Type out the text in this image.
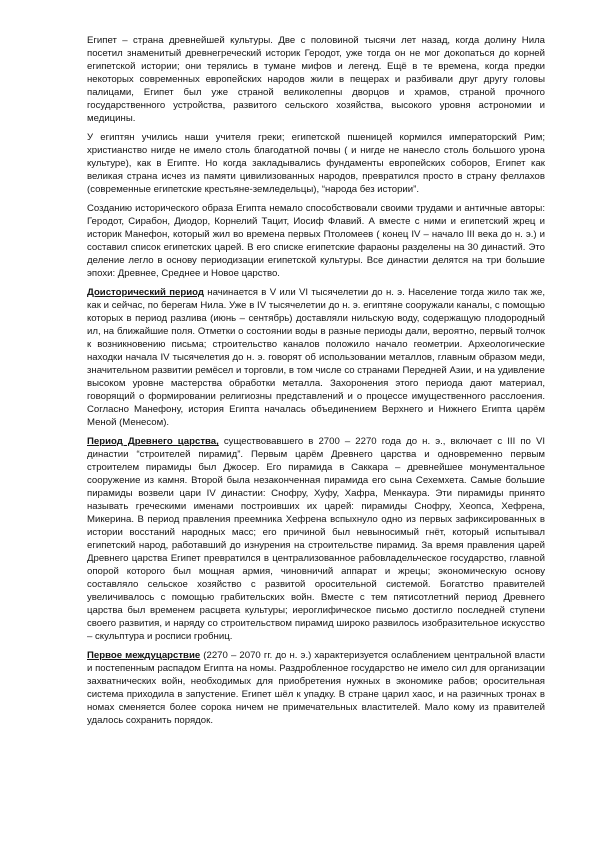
Египет – страна древнейшей культуры. Две с половиной тысячи лет назад, когда долину Нила посетил знаменитый древнегреческий историк Геродот, уже тогда он не мог докопаться до корней египетской истории; они терялись в тумане мифов и легенд. Ещё в те времена, когда предки некоторых современных европейских народов жили в пещерах и разбивали друг другу головы палицами, Египет был уже страной великолепны дворцов и храмов, страной прочного государственного устройства, развитого сельского хозяйства, высокого уровня астрономии и медицины.

У египтян учились наши учителя греки; египетской пшеницей кормился императорский Рим; христианство нигде не имело столь благодатной почвы ( и нигде не нанесло столь большого урона культуре), как в Египте. Но когда закладывались фундаменты европейских соборов, Египет как великая страна исчез из памяти цивилизованных народов, превратился просто в страну феллахов (современные египетские крестьяне-земледельцы), “народа без истории”.

Созданию исторического образа Египта немало способствовали своими трудами и античные авторы: Геродот, Сирабон, Диодор, Корнелий Тацит, Иосиф Флавий. А вместе с ними и египетский жрец и историк Манефон, который жил во времена первых Птоломеев ( конец IV – начало III века до н. э.) и составил список египетских царей. В его списке египетские фараоны разделены на 30 династий. Это деление легло в основу периодизации египетской культуры. Все династии делятся на три большие эпохи: Древнее, Среднее и Новое царство.

Доисторический период начинается в V или VI тысячелетии до н. э. Население тогда жило так же, как и сейчас, по берегам Нила. Уже в IV тысячелетии до н. э. египтяне сооружали каналы, с помощью которых в период разлива (июнь – сентябрь) доставляли нильскую воду, содержащую плодородный ил, на ближайшие поля. Отметки о состоянии воды в разные периоды дали, вероятно, первый толчок к возникновению письма; строительство каналов положило начало геометрии. Археологические находки начала IV тысячелетия до н. э. говорят об использовании металлов, главным образом меди, значительном развитии ремёсел и торговли, в том числе со странами Передней Азии, и на удивление высоком уровне мастерства обработки металла. Захоронения этого периода дают материал, говорящий о формировании религиозны представлений и о процессе имущественного расслоения. Согласно Манефону, история Египта началась объединением Верхнего и Нижнего Египта царём Меной (Менесом).

Период Древнего царства, существовавшего в 2700 – 2270 года до н. э., включает с III по VI династии “строителей пирамид”. Первым царём Древнего царства и одновременно первым строителем пирамиды был Джосер. Его пирамида в Саккара – древнейшее монументальное сооружение из камня. Второй была незаконченная пирамида его сына Сехемхета. Самые большие пирамиды возвели цари IV династии: Снофру, Хуфу, Хафра, Менкаура. Эти пирамиды принято называть греческими именами построивших их царей: пирамиды Снофру, Хеопса, Хефрена, Микерина. В период правления преемника Хефрена вспыхнуло одно из первых зафиксированных в истории восстаний народных масс; его причиной был невыносимый гнёт, который испытывал египетский народ, работавший до изнурения на строительстве пирамид. За время правления царей Древнего царства Египет превратился в централизованное рабовладельческое государство, главной опорой которого был мощная армия, чиновничий аппарат и жрецы; экономическую основу составляло сельское хозяйство с развитой оросительной системой. Богатство правителей увеличивалось с помощью грабительских войн. Вместе с тем пятисотлетний период Древнего царства был временем расцвета культуры; иероглифическое письмо достигло последней ступени своего развития, и наряду со строительством пирамид широко развилось изобразительное искусство – скульптура и росписи гробниц.

Первое междуцарствие (2270 – 2070 гг. до н. э.) характеризуется ослаблением центральной власти и постепенным распадом Египта на номы. Раздробленное государство не имело сил для организации захватнических войн, необходимых для приобретения нужных в экономике рабов; оросительная система приходила в запустение. Египет шёл к упадку. В стране царил хаос, и на разичных тронах в номах сменяется более сорока ничем не примечательных властителей. Мало кому из правителей удалось сохранить порядок.
